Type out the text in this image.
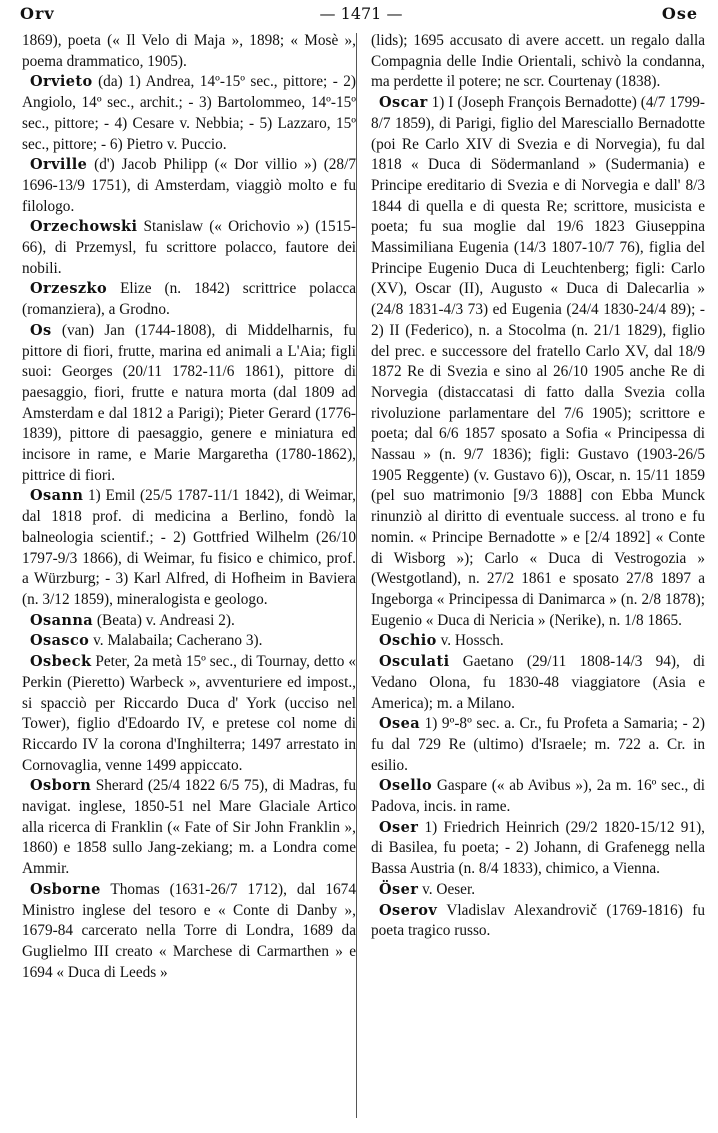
Orv	— 1471 —	Ose

1869), poeta (« Il Velo di Maja », 1898; « Mosè », poema drammatico, 1905).

Orvieto (da) 1) Andrea, 14º-15º sec., pittore; - 2) Angiolo, 14º sec., archit.; - 3) Bartolommeo, 14º-15º sec., pittore; - 4) Cesare v. Nebbia; - 5) Lazzaro, 15º sec., pittore; - 6) Pietro v. Puccio.

Orville (d') Jacob Philipp (« Dor villio ») (28/7 1696-13/9 1751), di Amsterdam, viaggiò molto e fu filologo.

Orzechowski Stanislaw (« Orichovio ») (1515-66), di Przemysl, fu scrittore polacco, fautore dei nobili.

Orzeszko Elize (n. 1842) scrittrice polacca (romanziera), a Grodno.

Os (van) Jan (1744-1808), di Middelharnis, fu pittore di fiori, frutte, marina ed animali a L'Aia; figli suoi: Georges (20/11 1782-11/6 1861), pittore di paesaggio, fiori, frutte e natura morta (dal 1809 ad Amsterdam e dal 1812 a Parigi); Pieter Gerard (1776-1839), pittore di paesaggio, genere e miniatura ed incisore in rame, e Marie Margaretha (1780-1862), pittrice di fiori.

Osann 1) Emil (25/5 1787-11/1 1842), di Weimar, dal 1818 prof. di medicina a Berlino, fondò la balneologia scientif.; - 2) Gottfried Wilhelm (26/10 1797-9/3 1866), di Weimar, fu fisico e chimico, prof. a Würzburg; - 3) Karl Alfred, di Hofheim in Baviera (n. 3/12 1859), mineralogista e geologo.

Osanna (Beata) v. Andreasi 2).

Osasco v. Malabaila; Cacherano 3).

Osbeck Peter, 2a metà 15º sec., di Tournay, detto « Perkin (Pieretto) Warbeck », avventuriere ed impost., si spacciò per Riccardo Duca d' York (ucciso nel Tower), figlio d'Edoardo IV, e pretese col nome di Riccardo IV la corona d'Inghilterra; 1497 arrestato in Cornovaglia, venne 1499 appiccato.

Osborn Sherard (25/4 1822 6/5 75), di Madras, fu navigat. inglese, 1850-51 nel Mare Glaciale Artico alla ricerca di Franklin (« Fate of Sir John Franklin », 1860) e 1858 sullo Jang-zekiang; m. a Londra come Ammir.

Osborne Thomas (1631-26/7 1712), dal 1674 Ministro inglese del tesoro e « Conte di Danby », 1679-84 carcerato nella Torre di Londra, 1689 da Guglielmo III creato « Marchese di Carmarthen » e 1694 « Duca di Leeds »

(lids); 1695 accusato di avere accett. un regalo dalla Compagnia delle Indie Orientali, schivò la condanna, ma perdette il potere; ne scr. Courtenay (1838).

Oscar 1) I (Joseph François Bernadotte) (4/7 1799-8/7 1859), di Parigi, figlio del Maresciallo Bernadotte (poi Re Carlo XIV di Svezia e di Norvegia), fu dal 1818 « Duca di Södermanland » (Sudermania) e Principe ereditario di Svezia e di Norvegia e dall' 8/3 1844 di quella e di questa Re; scrittore, musicista e poeta; fu sua moglie dal 19/6 1823 Giuseppina Massimiliana Eugenia (14/3 1807-10/7 76), figlia del Principe Eugenio Duca di Leuchtenberg; figli: Carlo (XV), Oscar (II), Augusto « Duca di Dalecarlia » (24/8 1831-4/3 73) ed Eugenia (24/4 1830-24/4 89); - 2) II (Federico), n. a Stocolma (n. 21/1 1829), figlio del prec. e successore del fratello Carlo XV, dal 18/9 1872 Re di Svezia e sino al 26/10 1905 anche Re di Norvegia (distaccatasi di fatto dalla Svezia colla rivoluzione parlamentare del 7/6 1905); scrittore e poeta; dal 6/6 1857 sposato a Sofia « Principessa di Nassau » (n. 9/7 1836); figli: Gustavo (1903-26/5 1905 Reggente) (v. Gustavo 6)), Oscar, n. 15/11 1859 (pel suo matrimonio [9/3 1888] con Ebba Munck rinunziò al diritto di eventuale success. al trono e fu nomin. « Principe Bernadotte » e [2/4 1892] « Conte di Wisborg »); Carlo « Duca di Vestrogozia » (Westgotland), n. 27/2 1861 e sposato 27/8 1897 a Ingeborga « Principessa di Danimarca » (n. 2/8 1878); Eugenio « Duca di Nericia » (Nerike), n. 1/8 1865.

Oschio v. Hossch.

Osculati Gaetano (29/11 1808-14/3 94), di Vedano Olona, fu 1830-48 viaggiatore (Asia e America); m. a Milano.

Osea 1) 9º-8º sec. a. Cr., fu Profeta a Samaria; - 2) fu dal 729 Re (ultimo) d'Israele; m. 722 a. Cr. in esilio.

Osello Gaspare (« ab Avibus »), 2a m. 16º sec., di Padova, incis. in rame.

Oser 1) Friedrich Heinrich (29/2 1820-15/12 91), di Basilea, fu poeta; - 2) Johann, di Grafenegg nella Bassa Austria (n. 8/4 1833), chimico, a Vienna.

Öser v. Oeser.

Oserov Vladislav Alexandrovič (1769-1816) fu poeta tragico russo.
